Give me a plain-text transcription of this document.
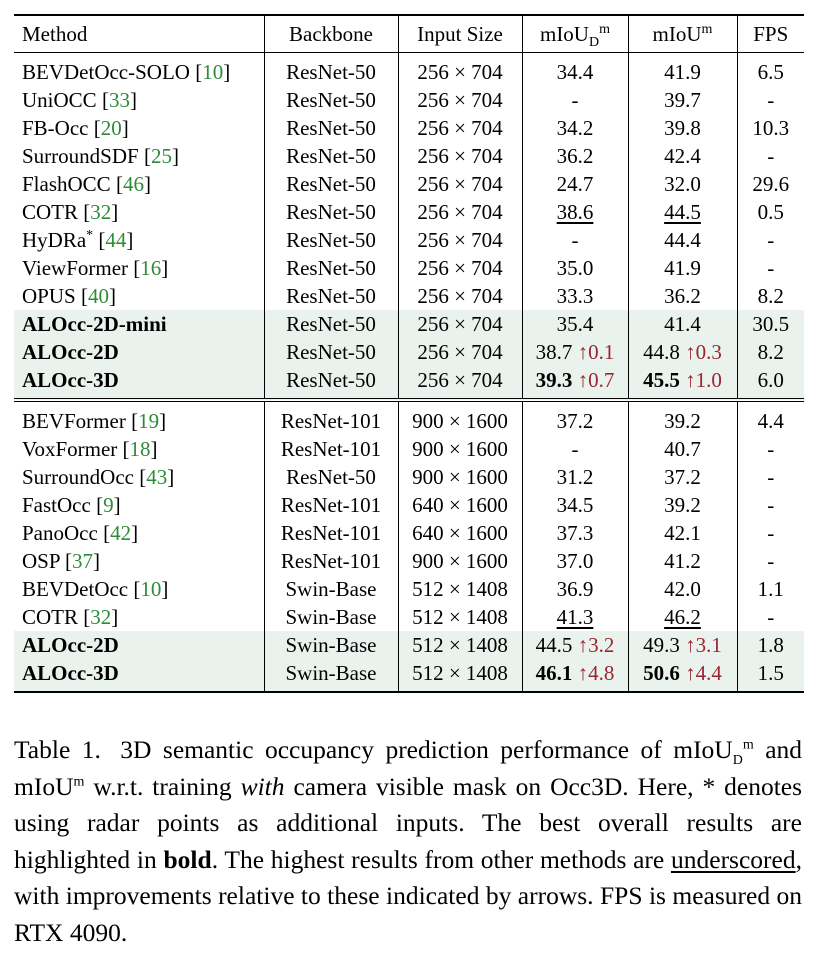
Method	Backbone	Input Size	mIoU$_D^m$	mIoU$^m$	FPS
BEVDetOcc-SOLO [10]	ResNet-50	256 × 704	34.4	41.9	6.5
UniOCC [33]	ResNet-50	256 × 704	-	39.7	-
FB-Occ [20]	ResNet-50	256 × 704	34.2	39.8	10.3
SurroundSDF [25]	ResNet-50	256 × 704	36.2	42.4	-
FlashOCC [46]	ResNet-50	256 × 704	24.7	32.0	29.6
COTR [32]	ResNet-50	256 × 704	38.6	44.5	0.5
HyDRa* [44]	ResNet-50	256 × 704	-	44.4	-
ViewFormer [16]	ResNet-50	256 × 704	35.0	41.9	-
OPUS [40]	ResNet-50	256 × 704	33.3	36.2	8.2
ALOcc-2D-mini	ResNet-50	256 × 704	35.4	41.4	30.5
ALOcc-2D	ResNet-50	256 × 704	38.7 ↑0.1	44.8 ↑0.3	8.2
ALOcc-3D	ResNet-50	256 × 704	39.3 ↑0.7	45.5 ↑1.0	6.0
BEVFormer [19]	ResNet-101	900 × 1600	37.2	39.2	4.4
VoxFormer [18]	ResNet-101	900 × 1600	-	40.7	-
SurroundOcc [43]	ResNet-50	900 × 1600	31.2	37.2	-
FastOcc [9]	ResNet-101	640 × 1600	34.5	39.2	-
PanoOcc [42]	ResNet-101	640 × 1600	37.3	42.1	-
OSP [37]	ResNet-101	900 × 1600	37.0	41.2	-
BEVDetOcc [10]	Swin-Base	512 × 1408	36.9	42.0	1.1
COTR [32]	Swin-Base	512 × 1408	41.3	46.2	-
ALOcc-2D	Swin-Base	512 × 1408	44.5 ↑3.2	49.3 ↑3.1	1.8
ALOcc-3D	Swin-Base	512 × 1408	46.1 ↑4.8	50.6 ↑4.4	1.5

Table 1. 3D semantic occupancy prediction performance of mIoU$_D^m$ and mIoU$^m$ w.r.t. training with camera visible mask on Occ3D. Here, * denotes using radar points as additional inputs. The best overall results are highlighted in bold. The highest results from other methods are underscored, with improvements relative to these indicated by arrows. FPS is measured on RTX 4090.
